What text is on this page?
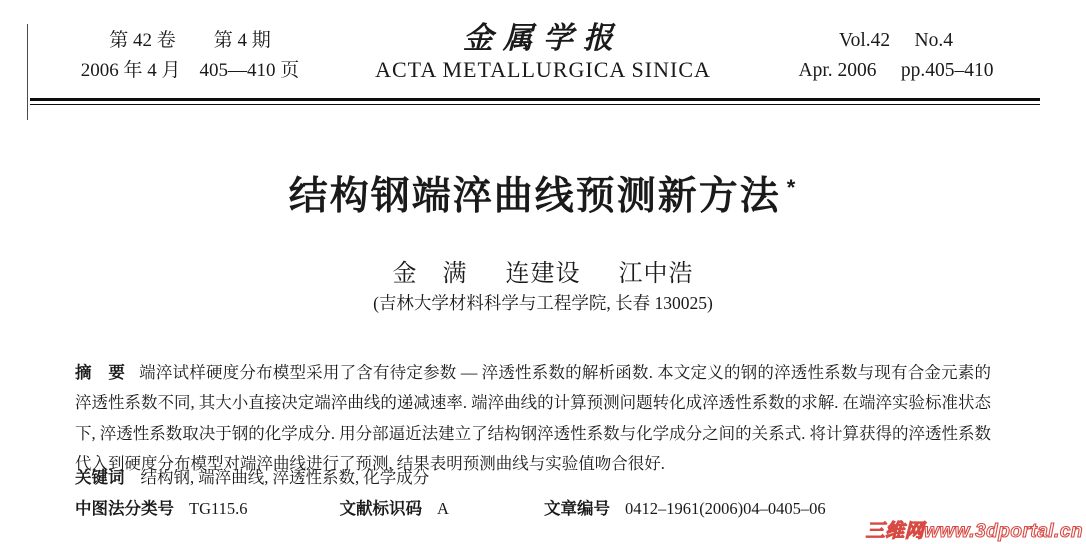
第 42 卷　　第 4 期
2006 年 4 月　405—410 页
金属学报
ACTA METALLURGICA SINICA
Vol.42　 No.4
Apr. 2006　 pp.405–410
结构钢端淬曲线预测新方法 *
金　满 连建设 江中浩
(吉林大学材料科学与工程学院, 长春 130025)

摘　要 端淬试样硬度分布模型采用了含有待定参数 — 淬透性系数的解析函数. 本文定义的钢的淬透性系数与现有合金元素的淬透性系数不同, 其大小直接决定端淬曲线的递减速率. 端淬曲线的计算预测问题转化成淬透性系数的求解. 在端淬实验标准状态下, 淬透性系数取决于钢的化学成分. 用分部逼近法建立了结构钢淬透性系数与化学成分之间的关系式. 将计算获得的淬透性系数代入到硬度分布模型对端淬曲线进行了预测, 结果表明预测曲线与实验值吻合很好.

关键词 结构钢, 端淬曲线, 淬透性系数, 化学成分
中图法分类号 TG115.6	文献标识码 A	文章编号 0412–1961(2006)04–0405–06
三维网www.3dportal.cn
